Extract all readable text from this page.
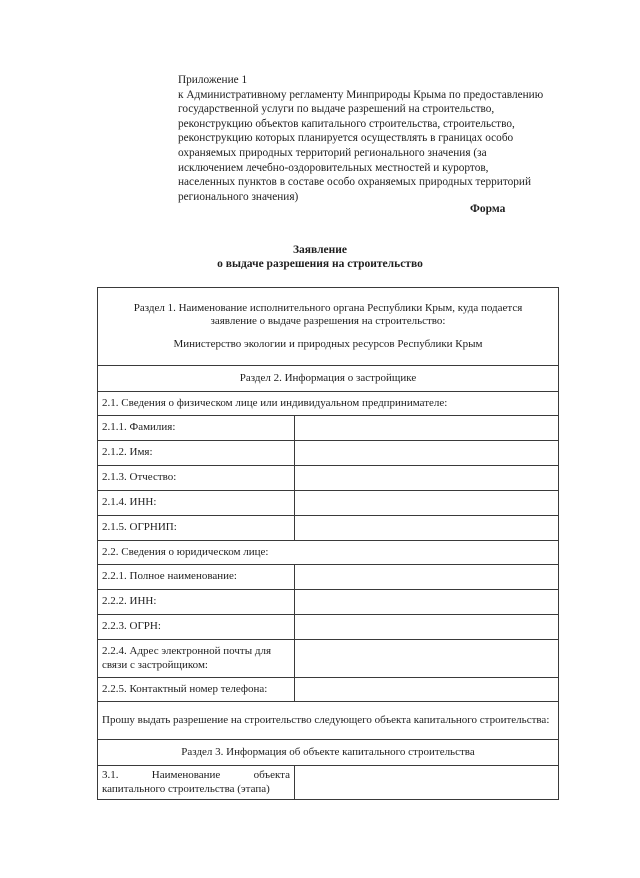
Приложение 1
к Административному регламенту Минприроды Крыма по предоставлению
государственной услуги по выдаче разрешений на строительство,
реконструкцию объектов капитального строительства, строительство,
реконструкцию которых планируется осуществлять в границах особо
охраняемых природных территорий регионального значения (за
исключением лечебно-оздоровительных местностей и курортов,
населенных пунктов в составе особо охраняемых природных территорий
регионального значения)
Форма
Заявление
о выдаче разрешения на строительство
Раздел 1. Наименование исполнительного органа Республики Крым, куда подается
заявление о выдаче разрешения на строительство:
Министерство экологии и природных ресурсов Республики Крым	

Раздел 2. Информация о застройщике	
2.1. Сведения о физическом лице или индивидуальном предпринимателе:	
2.1.1. Фамилия:	
2.1.2. Имя:	
2.1.3. Отчество:	
2.1.4. ИНН:	
2.1.5. ОГРНИП:	
2.2. Сведения о юридическом лице:	
2.2.1. Полное наименование:	
2.2.2. ИНН:	
2.2.3. ОГРН:	
2.2.4. Адрес электронной почты для связи с застройщиком:	
2.2.5. Контактный номер телефона:	
Прошу выдать разрешение на строительство следующего объекта капитального строительства:	
Раздел 3. Информация об объекте капитального строительства	
3.1. Наименование объекта капитального строительства (этапа)	
